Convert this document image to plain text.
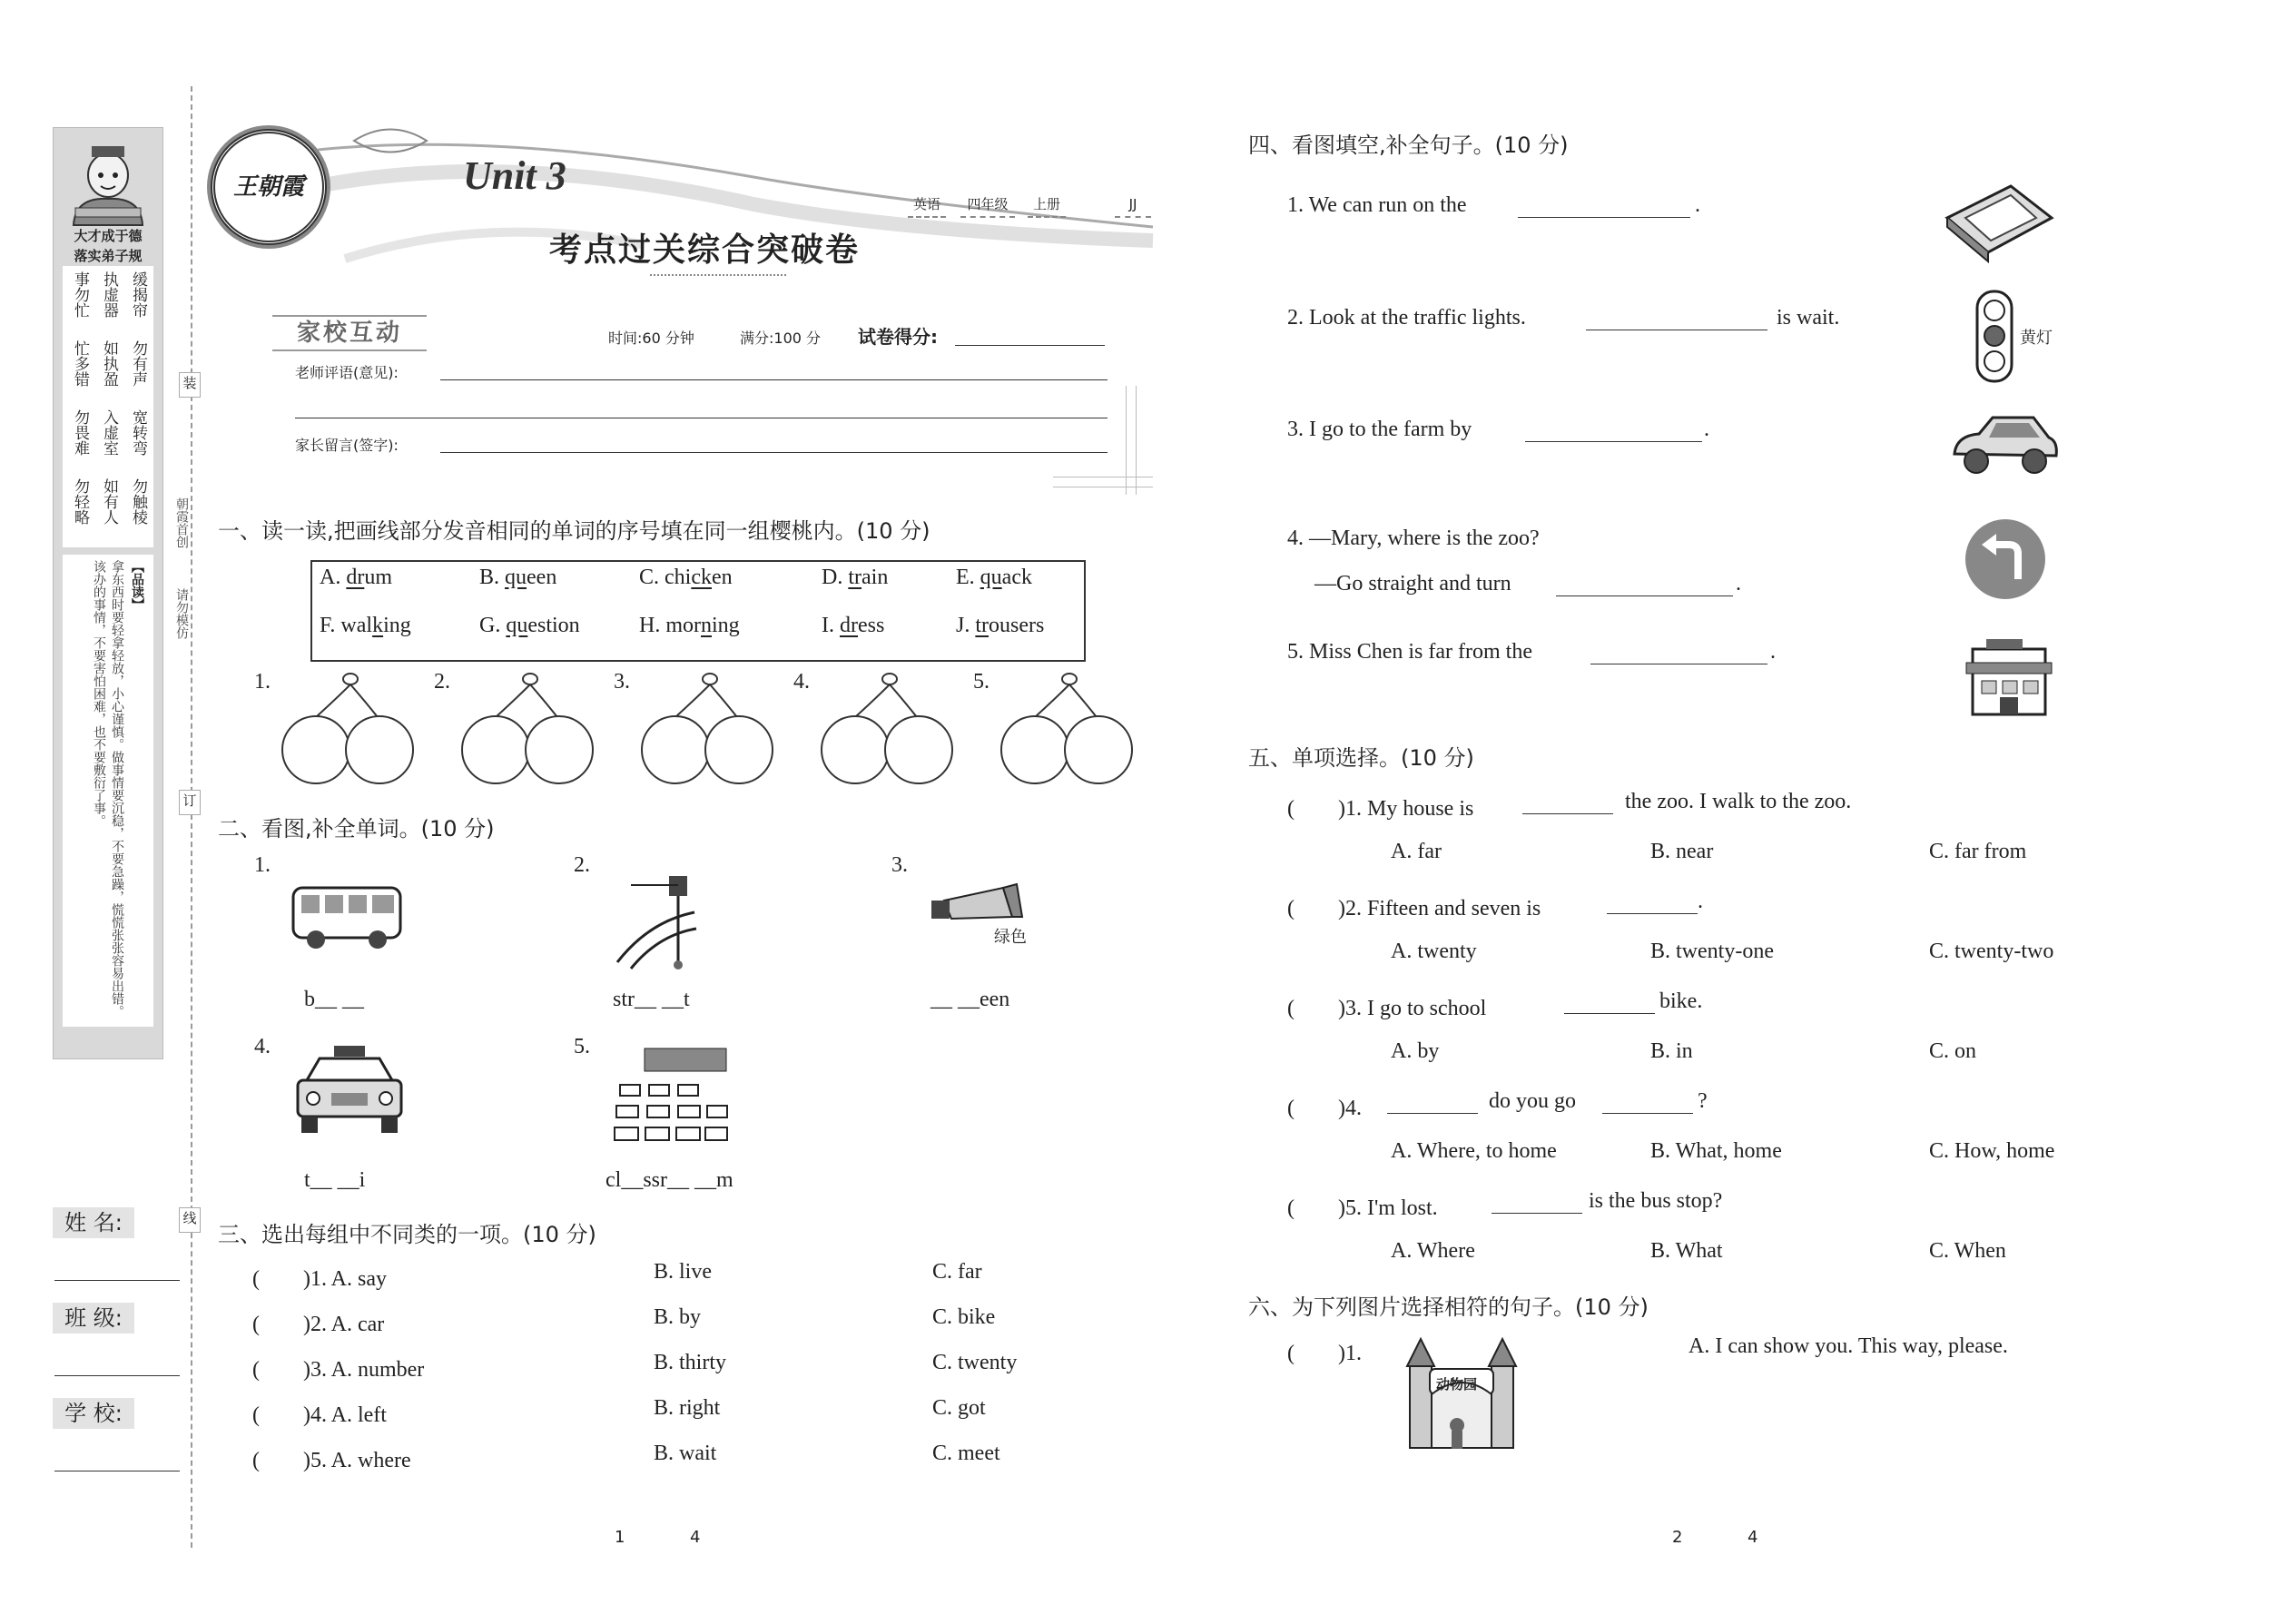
大才成于德
落实弟子规
事勿忙 执虚器 缓揭帘
忙多错 如执盈 勿有声
勿畏难 入虚室 宽转弯
勿轻略 如有人 勿触棱
【品读】
拿东西时要轻拿轻放，小心谨慎。做事情要沉稳，不要急躁，慌慌张张容易出错。该办的事情，不要害怕困难，也不要敷衍了事。
装
订
线
朝霞首创
请勿模仿
姓 名:
班 级:
学 校:
王朝霞	Unit 3
英语	四年级	上册	JJ
考点过关综合突破卷
家校互动	时间:60 分钟	满分:100 分 试卷得分:
老师评语(意见):
家长留言(签字):
一、读一读,把画线部分发音相同的单词的序号填在同一组樱桃内。(10 分)
A. drum	B. queen	C. chicken	D. train	E. quack
F. walking	G. question	H. morning	I. dress	J. trousers
1.	2.	3.	4.	5.
二、看图,补全单词。(10 分)
1.
b__ __
2.
str__ __t
3.
__ __een
4.
t__ __i
5.
cl__ssr__ __m
绿色
三、选出每组中不同类的一项。(10 分)
(　　)1. A. say	B. live	C. far
(　　)2. A. car	B. by	C. bike
(　　)3. A. number	B. thirty	C. twenty
(　　)4. A. left	B. right	C. got
(　　)5. A. where	B. wait	C. meet
四、看图填空,补全句子。(10 分)
1. We can run on the	.
2. Look at the traffic lights.	is wait.
3. I go to the farm by	.
4. —Mary, where is the zoo?
—Go straight and turn	.
5. Miss Chen is far from the	.
黄灯
五、单项选择。(10 分)
(　　)1. My house is	the zoo. I walk to the zoo.
A. far	B. near	C. far from
(　　)2. Fifteen and seven is	.
A. twenty	B. twenty-one	C. twenty-two
(　　)3. I go to school	bike.
A. by	B. in	C. on
(　　)4.	do you go	?
A. Where, to home	B. What, home	C. How, home
(　　)5. I'm lost.	is the bus stop?
A. Where	B. What	C. When
六、为下列图片选择相符的句子。(10 分)
(　　)1.
动物园
A. I can show you. This way, please.
1	4	2	4
